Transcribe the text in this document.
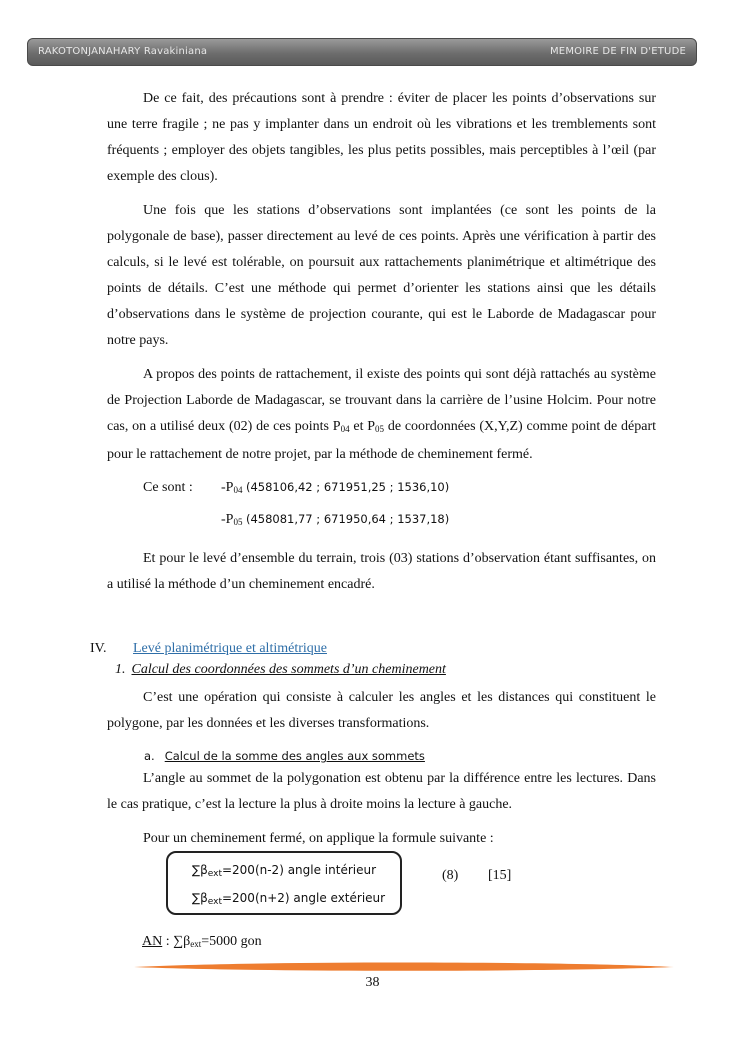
RAKOTONJANAHARY Ravakiniana	MEMOIRE DE FIN D'ETUDE

De ce fait, des précautions sont à prendre : éviter de placer les points d’observations sur une terre fragile ; ne pas y implanter dans un endroit où les vibrations et les tremblements sont fréquents ; employer des objets tangibles, les plus petits possibles, mais perceptibles à l’œil (par exemple des clous).

Une fois que les stations d’observations sont implantées (ce sont les points de la polygonale de base), passer directement au levé de ces points. Après une vérification à partir des calculs, si le levé est tolérable, on poursuit aux rattachements planimétrique et altimétrique des points de détails. C’est une méthode qui permet d’orienter les stations ainsi que les détails d’observations dans le système de projection courante, qui est le Laborde de Madagascar pour notre pays.

A propos des points de rattachement, il existe des points qui sont déjà rattachés au système de Projection Laborde de Madagascar, se trouvant dans la carrière de l’usine Holcim. Pour notre cas, on a utilisé deux (02) de ces points $P_{04}$ et $P_{05}$ de coordonnées (X,Y,Z) comme point de départ pour le rattachement de notre projet, par la méthode de cheminement fermé.

Ce sont : $-P_{04}$ (458106,42 ; 671951,25 ; 1536,10)
$-P_{05}$ (458081,77 ; 671950,64 ; 1537,18)

Et pour le levé d’ensemble du terrain, trois (03) stations d’observation étant suffisantes, on a utilisé la méthode d’un cheminement encadré.

IV. Levé planimétrique et altimétrique
1. Calcul des coordonnées des sommets d’un cheminement

C’est une opération qui consiste à calculer les angles et les distances qui constituent le polygone, par les données et les diverses transformations.

a. Calcul de la somme des angles aux sommets

L’angle au sommet de la polygonation est obtenu par la différence entre les lectures. Dans le cas pratique, c’est la lecture la plus à droite moins la lecture à gauche.

Pour un cheminement fermé, on applique la formule suivante :

$\sum\beta_{ext}=200(n-2)$ angle intérieur
$\sum\beta_{ext}=200(n+2)$ angle extérieur
(8) [15]
AN : $\sum\beta_{ext}=5000$ gon
38
